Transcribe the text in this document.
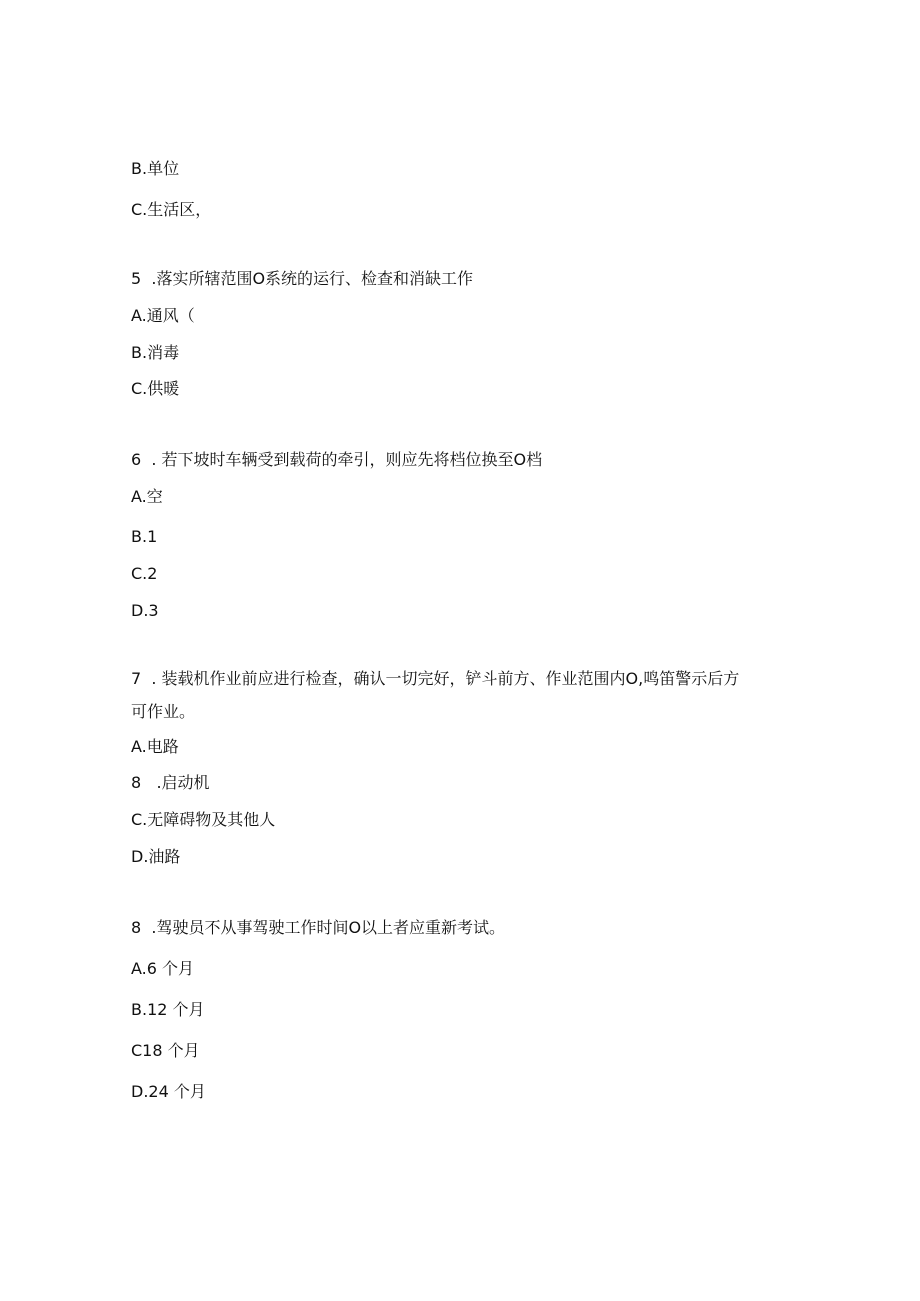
B.单位
C.生活区，
5  .落实所辖范围O系统的运行、检查和消缺工作
A.通风（
B.消毒
C.供暖
6  . 若下坡时车辆受到载荷的牵引，则应先将档位换至O档
A.空
B.1
C.2
D.3
7  . 装载机作业前应进行检查，确认一切完好，铲斗前方、作业范围内O,鸣笛警示后方
可作业。
A.电路
8   .启动机
C.无障碍物及其他人
D.油路
8  .驾驶员不从事驾驶工作时间O以上者应重新考试。
A.6 个月
B.12 个月
C18 个月
D.24 个月
